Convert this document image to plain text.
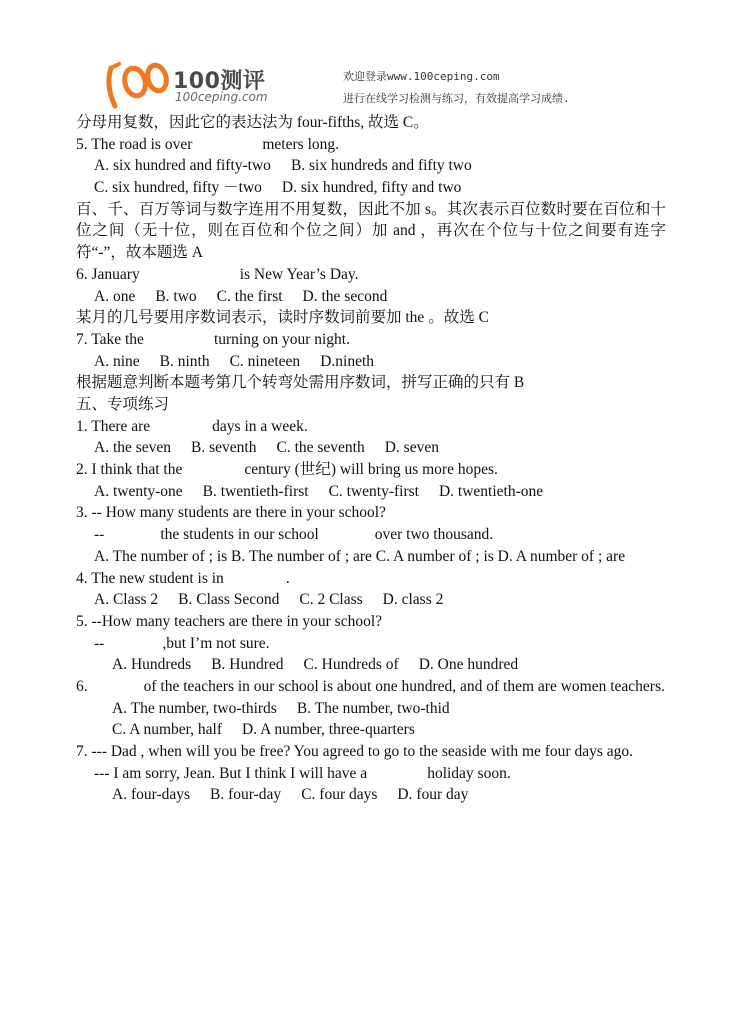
100测评
100ceping.com
欢迎登录www.100ceping.com
进行在线学习检测与练习，有效提高学习成绩.
分母用复数，因此它的表达法为 four-fifths, 故选 C。
5. The road is over	meters long.
A. six hundred and fifty-two B. six hundreds and fifty two
C. six hundred, fifty －two D. six hundred, fifty and two
百、千、百万等词与数字连用不用复数，因此不加 s。其次表示百位数时要在百位和十位之间（无十位，则在百位和个位之间）加 and ，再次在个位与十位之间要有连字符“-”，故本题选 A
6. January	is New Year’s Day.
A. one B. two C. the first D. the second
某月的几号要用序数词表示，读时序数词前要加 the 。故选 C
7. Take the	turning on your night.
A. nine B. ninth C. nineteen D.nineth
根据题意判断本题考第几个转弯处需用序数词，拼写正确的只有 B
五、专项练习
1. There are	days in a week.
A. the seven B. seventh C. the seventh D. seven
2. I think that the	century (世纪) will bring us more hopes.
A. twenty-one B. twentieth-first C. twenty-first D. twentieth-one
3. -- How many students are there in your school?
--	the students in our school	over two thousand.
A. The number of ; is B. The number of ; are C. A number of ; is D. A number of ; are
4. The new student is in	.
A. Class 2 B. Class Second C. 2 Class D. class 2
5. --How many teachers are there in your school?
--	,but I’m not sure.
A. Hundreds B. Hundred C. Hundreds of D. One hundred
6.	of the teachers in our school is about one hundred, and of them are women teachers.
A. The number, two-thirds B. The number, two-thid
C. A number, half D. A number, three-quarters
7. --- Dad , when will you be free? You agreed to go to the seaside with me four days ago.
--- I am sorry, Jean. But I think I will have a	holiday soon.
A. four-days B. four-day C. four days D. four day
